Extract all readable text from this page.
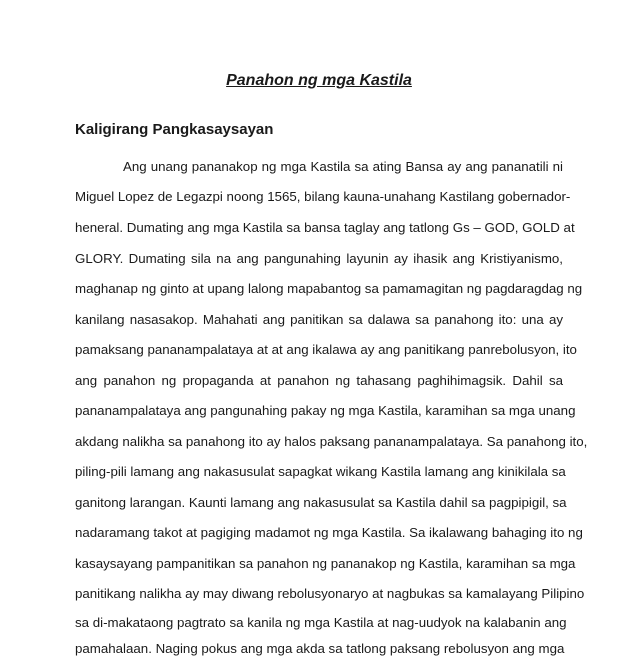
Panahon ng mga Kastila
Kaligirang Pangkasaysayan
Ang unang pananakop ng mga Kastila sa ating Bansa ay ang pananatili ni
Miguel Lopez de Legazpi noong 1565, bilang kauna-unahang Kastilang gobernador-
heneral. Dumating ang mga Kastila sa bansa taglay ang tatlong Gs – GOD, GOLD at
GLORY. Dumating sila na ang pangunahing layunin ay ihasik ang Kristiyanismo,
maghanap ng ginto at upang lalong mapabantog sa pamamagitan ng pagdaragdag ng
kanilang nasasakop. Mahahati ang panitikan sa dalawa sa panahong ito: una ay
pamaksang pananampalataya at at ang ikalawa ay ang panitikang panrebolusyon, ito
ang panahon ng propaganda at panahon ng tahasang paghihimagsik. Dahil sa
pananampalataya ang pangunahing pakay ng mga Kastila, karamihan sa mga unang
akdang nalikha sa panahong ito ay halos paksang pananampalataya. Sa panahong ito,
piling-pili lamang ang nakasusulat sapagkat wikang Kastila lamang ang kinikilala sa
ganitong larangan. Kaunti lamang ang nakasusulat sa Kastila dahil sa pagpipigil, sa
nadaramang takot at pagiging madamot ng mga Kastila. Sa ikalawang bahaging ito ng
kasaysayang pampanitikan sa panahon ng pananakop ng Kastila, karamihan sa mga
panitikang nalikha ay may diwang rebolusyonaryo at nagbukas sa kamalayang Pilipino
sa di-makataong pagtrato sa kanila ng mga Kastila at nag-uudyok na kalabanin ang
pamahalaan. Naging pokus ang mga akda sa tatlong paksang rebolusyon ang mga
